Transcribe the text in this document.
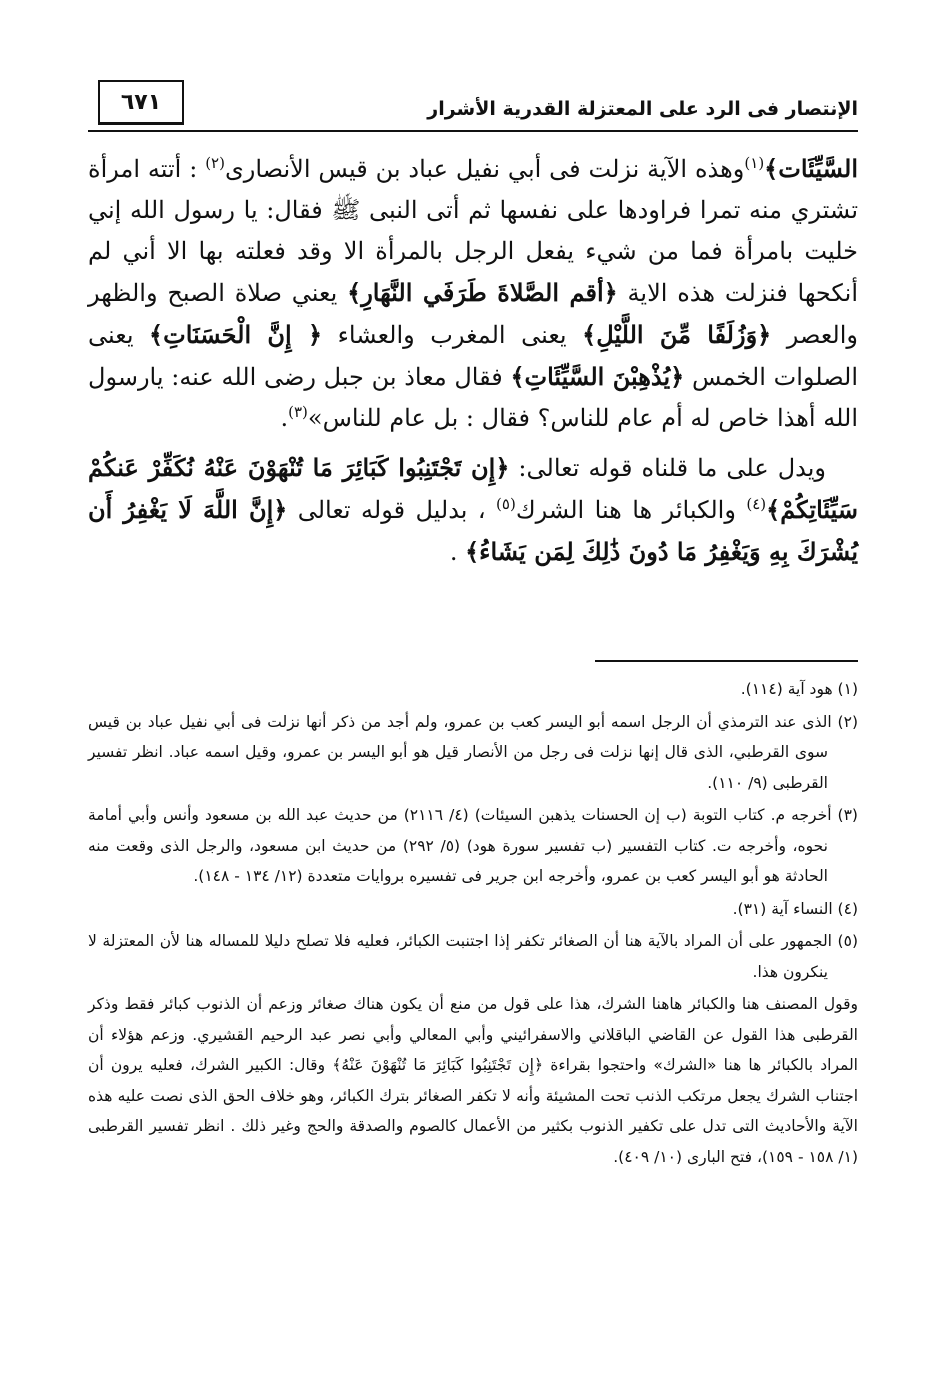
الإنتصار فى الرد على المعتزلة القدرية الأشرار
٦٧١

السَّيِّئَات﴾$^{(١)}$وهذه الآية نزلت فى أبي نفيل عباد بن قيس الأنصارى$^{(٢)}$ : أتته امرأة تشتري منه تمرا فراودها على نفسها ثم أتى النبى ﷺ فقال: يا رسول الله إني خليت بامرأة فما من شيء يفعل الرجل بالمرأة الا وقد فعلته بها الا أني لم أنكحها فنزلت هذه الاية ﴿أقم الصَّلاةَ طَرَفَي النَّهَارِ﴾ يعني صلاة الصبح والظهر والعصر ﴿وَزُلَفًا مِّنَ اللَّيْلِ﴾ يعنى المغرب والعشاء ﴿ إِنَّ الْحَسَنَاتِ﴾ يعنى الصلوات الخمس ﴿يُذْهِبْنَ السَّيِّئَاتِ﴾ فقال معاذ بن جبل رضى الله عنه: يارسول الله أهذا خاص له أم عام للناس؟ فقال : بل عام للناس»$^{(٣)}$.

ويدل على ما قلناه قوله تعالى: ﴿إِن تَجْتَنِبُوا كَبَائِرَ مَا تُنْهَوْنَ عَنْهُ نُكَفِّرْ عَنكُمْ سَيِّئَاتِكُمْ﴾$^{(٤)}$ والكبائر ها هنا الشرك$^{(٥)}$ ، بدليل قوله تعالى ﴿إِنَّ اللَّهَ لَا يَغْفِرُ أَن يُشْرَكَ بِهِ وَيَغْفِرُ مَا دُونَ ذَٰلِكَ لِمَن يَشَاءُ﴾ .

(١) هود آية (١١٤).

(٢) الذى عند الترمذي أن الرجل اسمه أبو اليسر كعب بن عمرو، ولم أجد من ذكر أنها نزلت فى أبي نفيل عباد بن قيس سوى القرطبي، الذى قال إنها نزلت فى رجل من الأنصار قيل هو أبو اليسر بن عمرو، وقيل اسمه عباد. انظر تفسير القرطبى (٩/ ١١٠).

(٣) أخرجه م. كتاب التوبة (ب إن الحسنات يذهبن السيئات) (٤/ ٢١١٦) من حديث عبد الله بن مسعود وأنس وأبي أمامة نحوه، وأخرجه ت. كتاب التفسير (ب تفسير سورة هود) (٥/ ٢٩٢) من حديث ابن مسعود، والرجل الذى وقعت منه الحادثة هو أبو اليسر كعب بن عمرو، وأخرجه ابن جرير فى تفسيره بروايات متعددة (١٢/ ١٣٤ - ١٤٨).

(٤) النساء آية (٣١).

(٥) الجمهور على أن المراد بالآية هنا أن الصغائر تكفر إذا اجتنبت الكبائر، فعليه فلا تصلح دليلا للمساله هنا لأن المعتزلة لا ينكرون هذا.

وقول المصنف هنا والكبائر هاهنا الشرك، هذا على قول من منع أن يكون هناك صغائر وزعم أن الذنوب كبائر فقط وذكر القرطبى هذا القول عن القاضي الباقلاني والاسفرائيني وأبي المعالي وأبي نصر عبد الرحيم القشيري. وزعم هؤلاء أن المراد بالكبائر ها هنا «الشرك» واحتجوا بقراءة ﴿إِن تَجْتَنِبُوا كَبَائِرَ مَا تُنْهَوْنَ عَنْهُ﴾ وقال: الكبير الشرك، فعليه يرون أن اجتناب الشرك يجعل مرتكب الذنب تحت المشيئة وأنه لا تكفر الصغائر بترك الكبائر، وهو خلاف الحق الذى نصت عليه هذه الآية والأحاديث التى تدل على تكفير الذنوب بكثير من الأعمال كالصوم والصدقة والحج وغير ذلك . انظر تفسير القرطبى (١/ ١٥٨ - ١٥٩)، فتح البارى (١٠/ ٤٠٩).
